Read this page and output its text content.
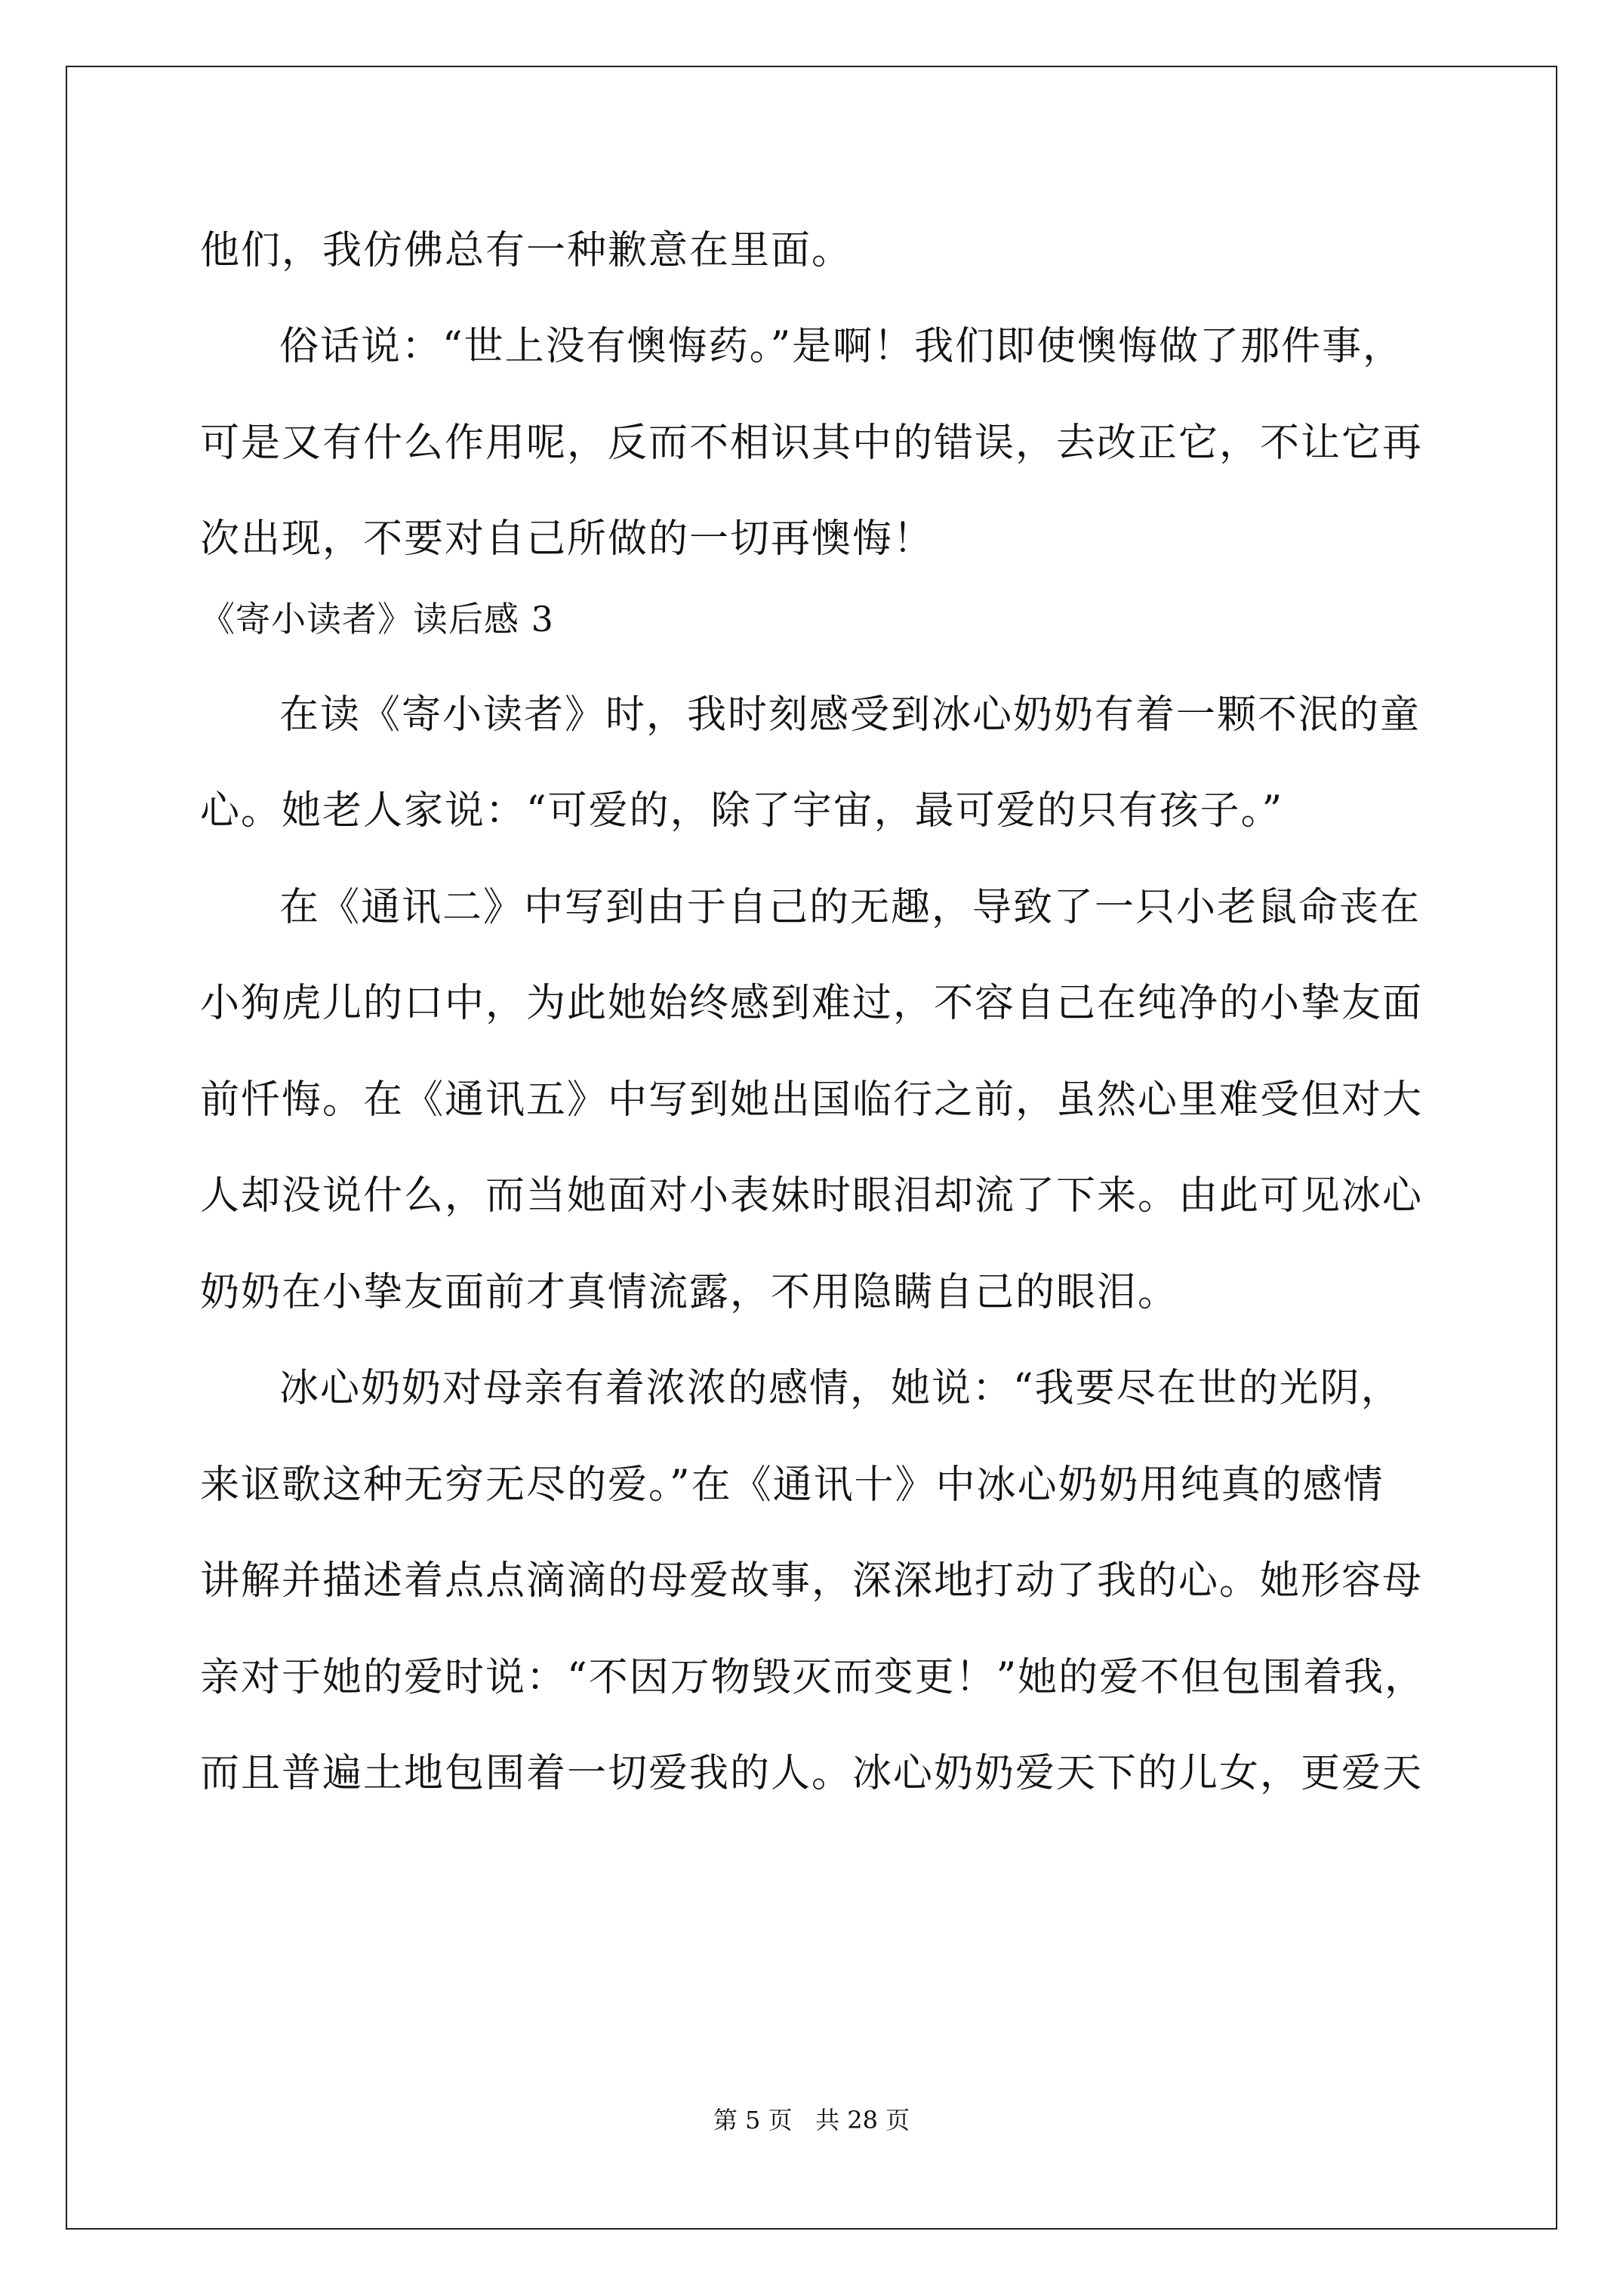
他们，我仿佛总有一种歉意在里面。
俗话说：“世上没有懊悔药。”是啊！我们即使懊悔做了那件事，
可是又有什么作用呢，反而不相识其中的错误，去改正它，不让它再
次出现，不要对自己所做的一切再懊悔！
《寄小读者》读后感 3
在读《寄小读者》时，我时刻感受到冰心奶奶有着一颗不泯的童
心。她老人家说：“可爱的，除了宇宙，最可爱的只有孩子。”
在《通讯二》中写到由于自己的无趣，导致了一只小老鼠命丧在
小狗虎儿的口中，为此她始终感到难过，不容自己在纯净的小挚友面
前忏悔。在《通讯五》中写到她出国临行之前，虽然心里难受但对大
人却没说什么，而当她面对小表妹时眼泪却流了下来。由此可见冰心
奶奶在小挚友面前才真情流露，不用隐瞒自己的眼泪。
冰心奶奶对母亲有着浓浓的感情，她说：“我要尽在世的光阴，
来讴歌这种无穷无尽的爱。”在《通讯十》中冰心奶奶用纯真的感情
讲解并描述着点点滴滴的母爱故事，深深地打动了我的心。她形容母
亲对于她的爱时说：“不因万物毁灭而变更！”她的爱不但包围着我，
而且普遍土地包围着一切爱我的人。冰心奶奶爱天下的儿女，更爱天
第 5 页   共 28 页
